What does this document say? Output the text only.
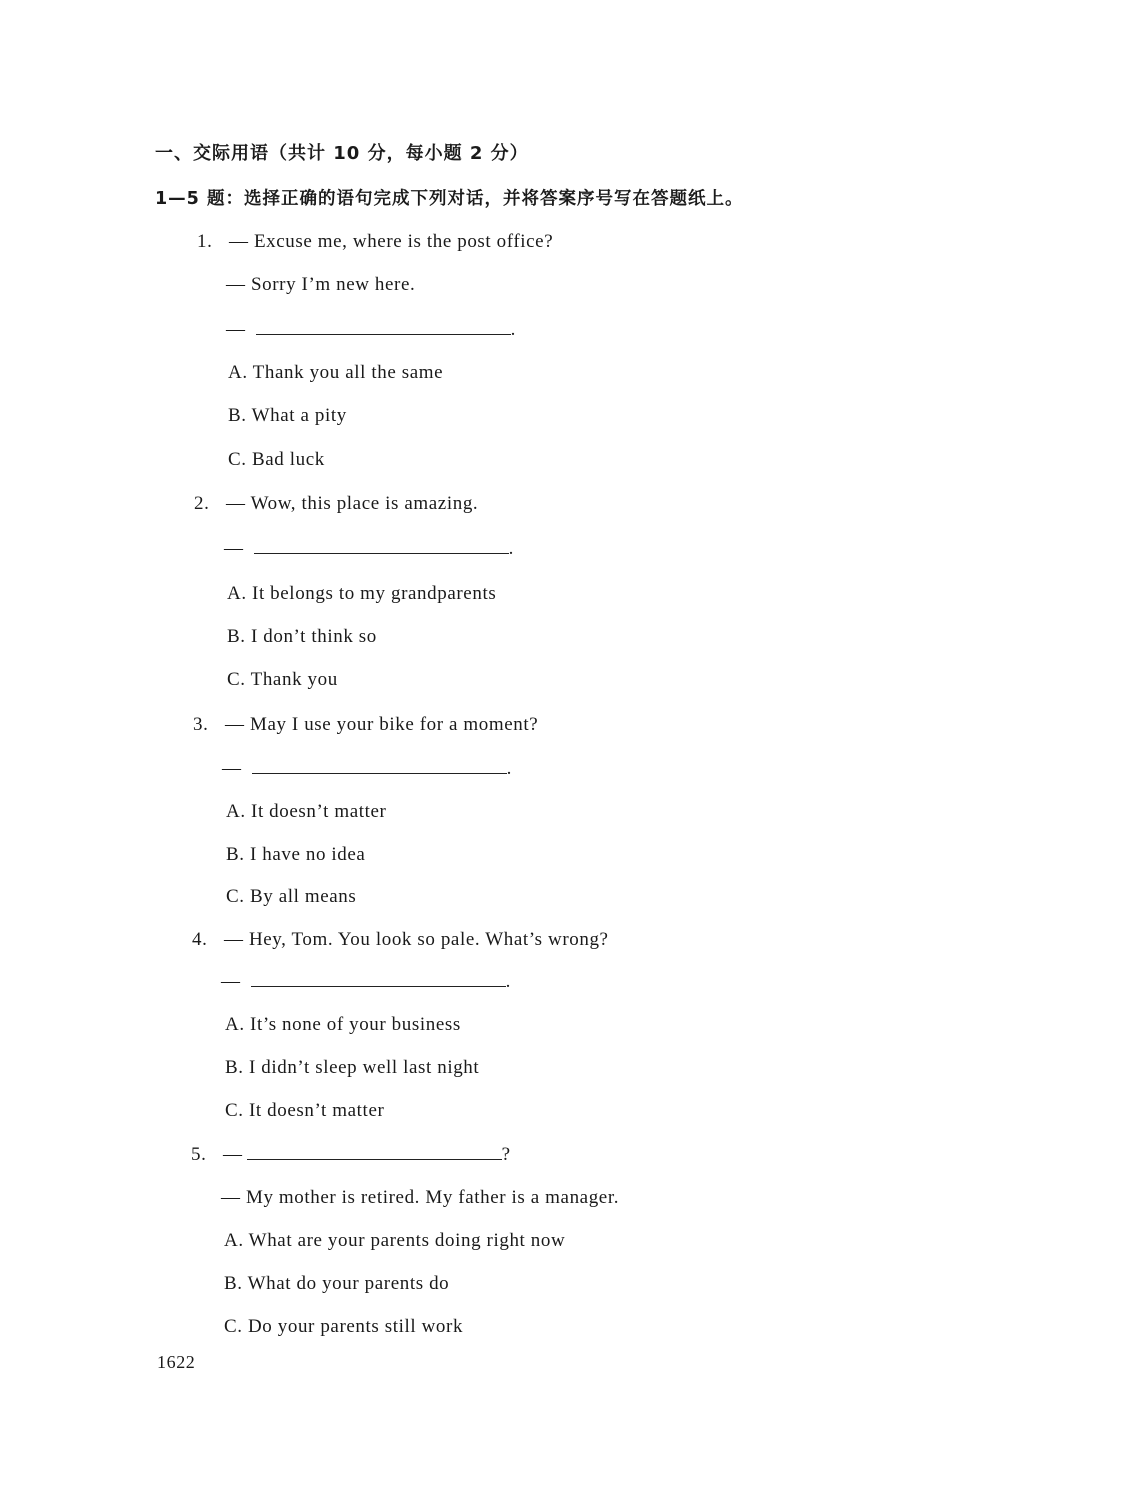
一、交际用语（共计 10 分，每小题 2 分）
1—5 题：选择正确的语句完成下列对话，并将答案序号写在答题纸上。
1. — Excuse me, where is the post office?
— Sorry I’m new here.
—	.
A. Thank you all the same
B. What a pity
C. Bad luck
2. — Wow, this place is amazing.
—	.
A. It belongs to my grandparents
B. I don’t think so
C. Thank you
3. — May I use your bike for a moment?
—	.
A. It doesn’t matter
B. I have no idea
C. By all means
4. — Hey, Tom. You look so pale. What’s wrong?
—	.
A. It’s none of your business
B. I didn’t sleep well last night
C. It doesn’t matter
5. —	?
— My mother is retired. My father is a manager.
A. What are your parents doing right now
B. What do your parents do
C. Do your parents still work
1622
